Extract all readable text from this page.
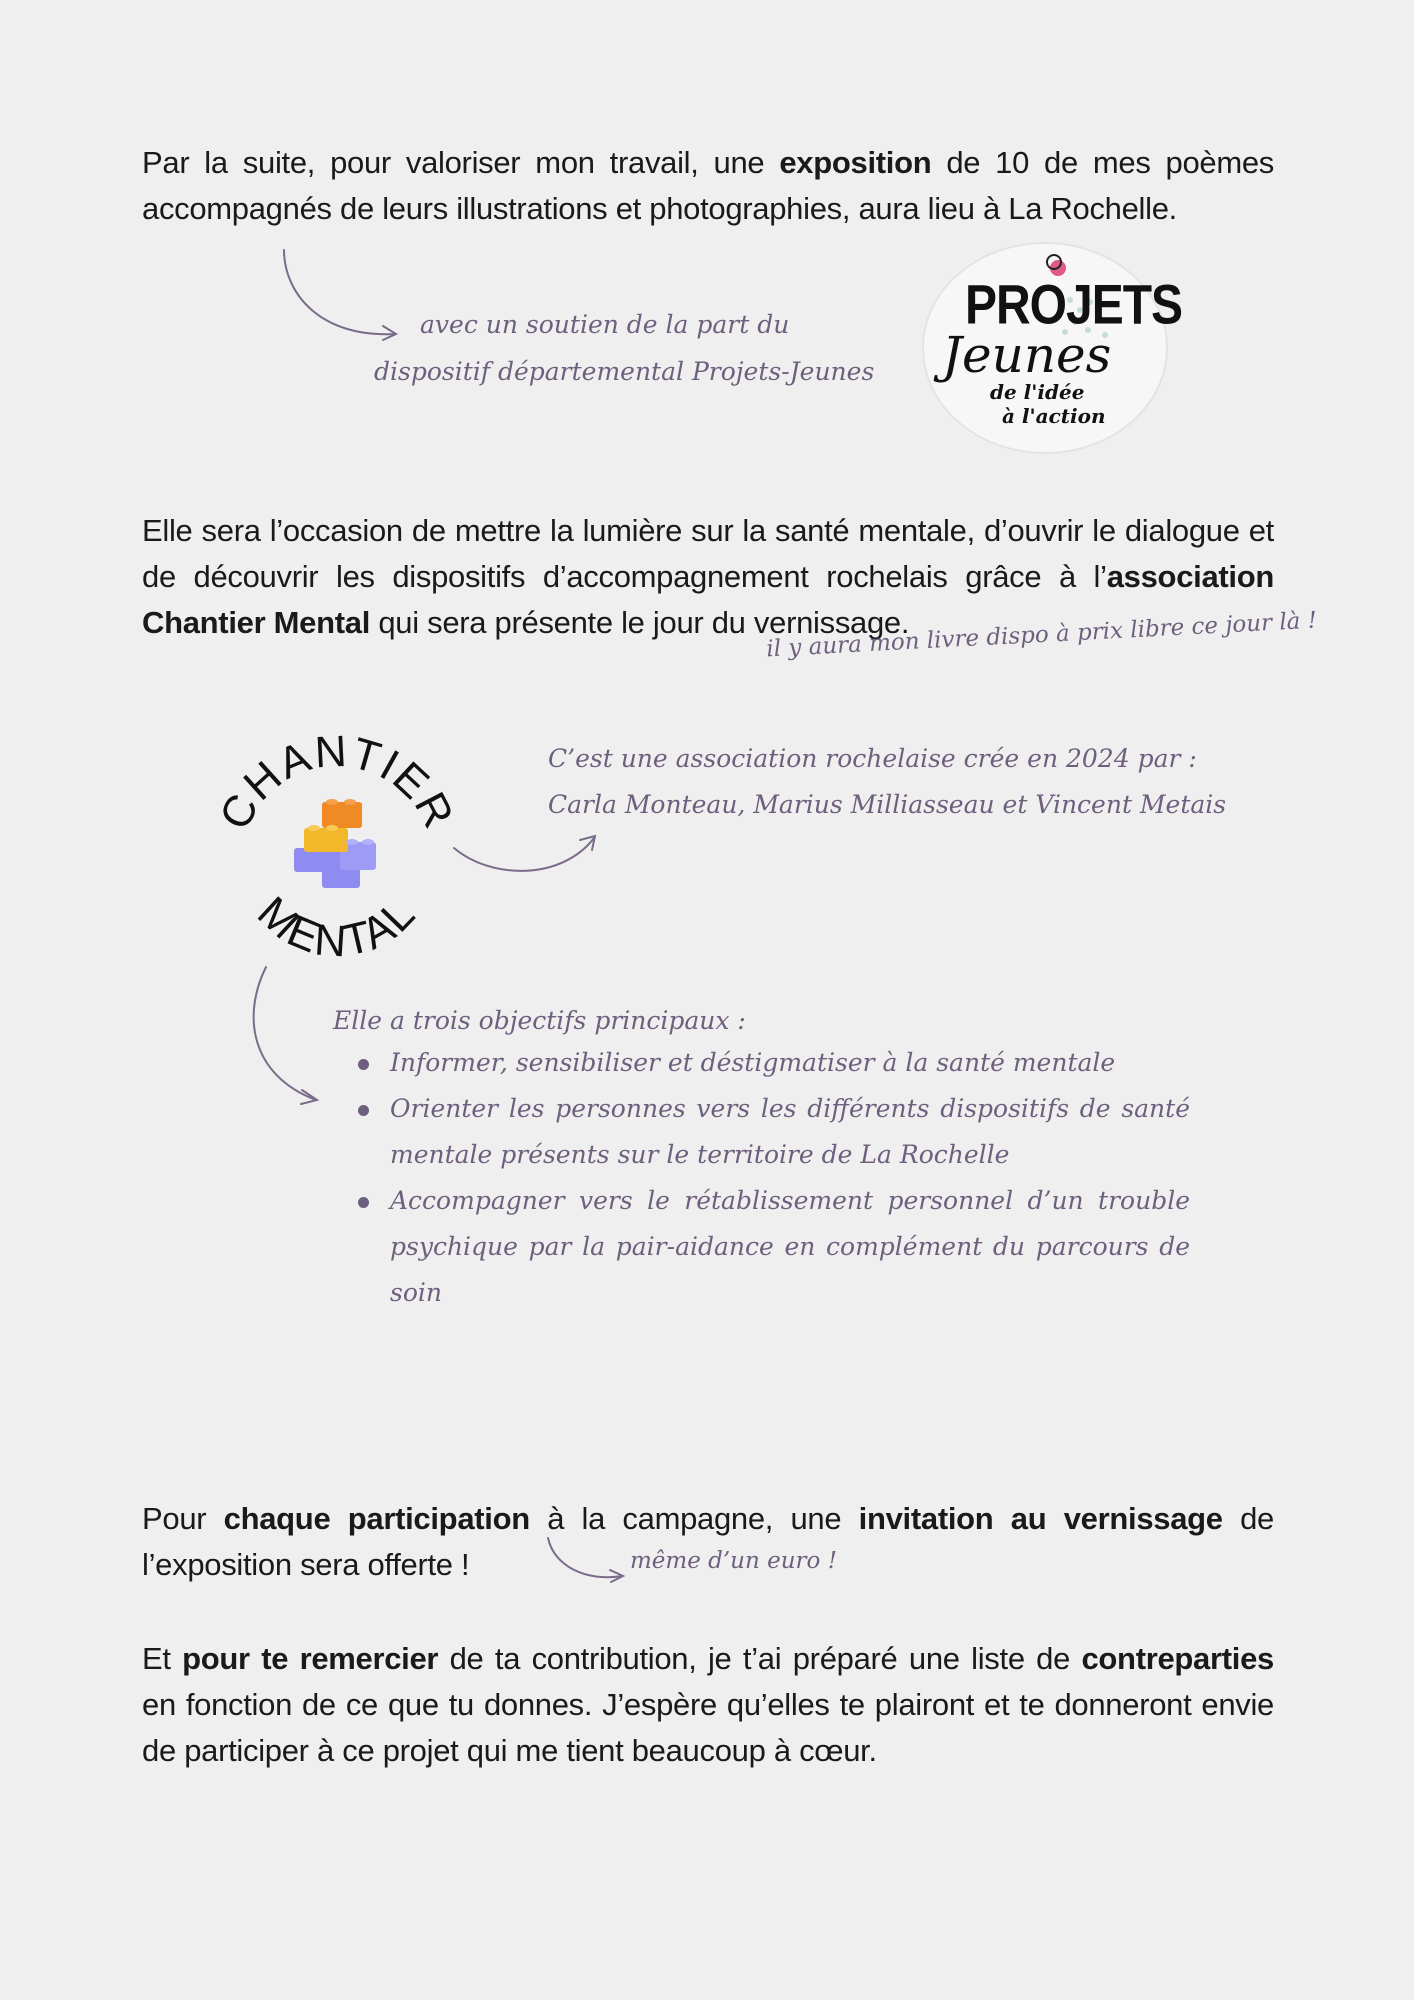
Par la suite, pour valoriser mon travail, une exposition de 10 de mes poèmes accompagnés de leurs illustrations et photographies, aura lieu à La Rochelle.

avec un soutien de la part du

dispositif départemental Projets-Jeunes

PROJETS
Jeunes
de l'idée
à l'action

Elle sera l’occasion de mettre la lumière sur la santé mentale, d’ouvrir le dialogue et de découvrir les dispositifs d’accompagnement rochelais grâce à l’association Chantier Mental qui sera présente le jour du vernissage.

il y aura mon livre dispo à prix libre ce jour là !

HANTIE
MENTAL

C’est une association rochelaise crée en 2024 par :

Carla Monteau, Marius Milliasseau et Vincent Metais

Elle a trois objectifs principaux :

Informer, sensibiliser et déstigmatiser à la santé mentale
Orienter les personnes vers les différents dispositifs de santé mentale présents sur le territoire de La Rochelle
Accompagner vers le rétablissement personnel d’un trouble psychique par la pair-aidance en complément du parcours de soin

Pour chaque participation à la campagne, une invitation au vernissage de l’exposition sera offerte !	même d’un euro !

Et pour te remercier de ta contribution, je t’ai préparé une liste de contreparties en fonction de ce que tu donnes. J’espère qu’elles te plairont et te donneront envie de participer à ce projet qui me tient beaucoup à cœur.
